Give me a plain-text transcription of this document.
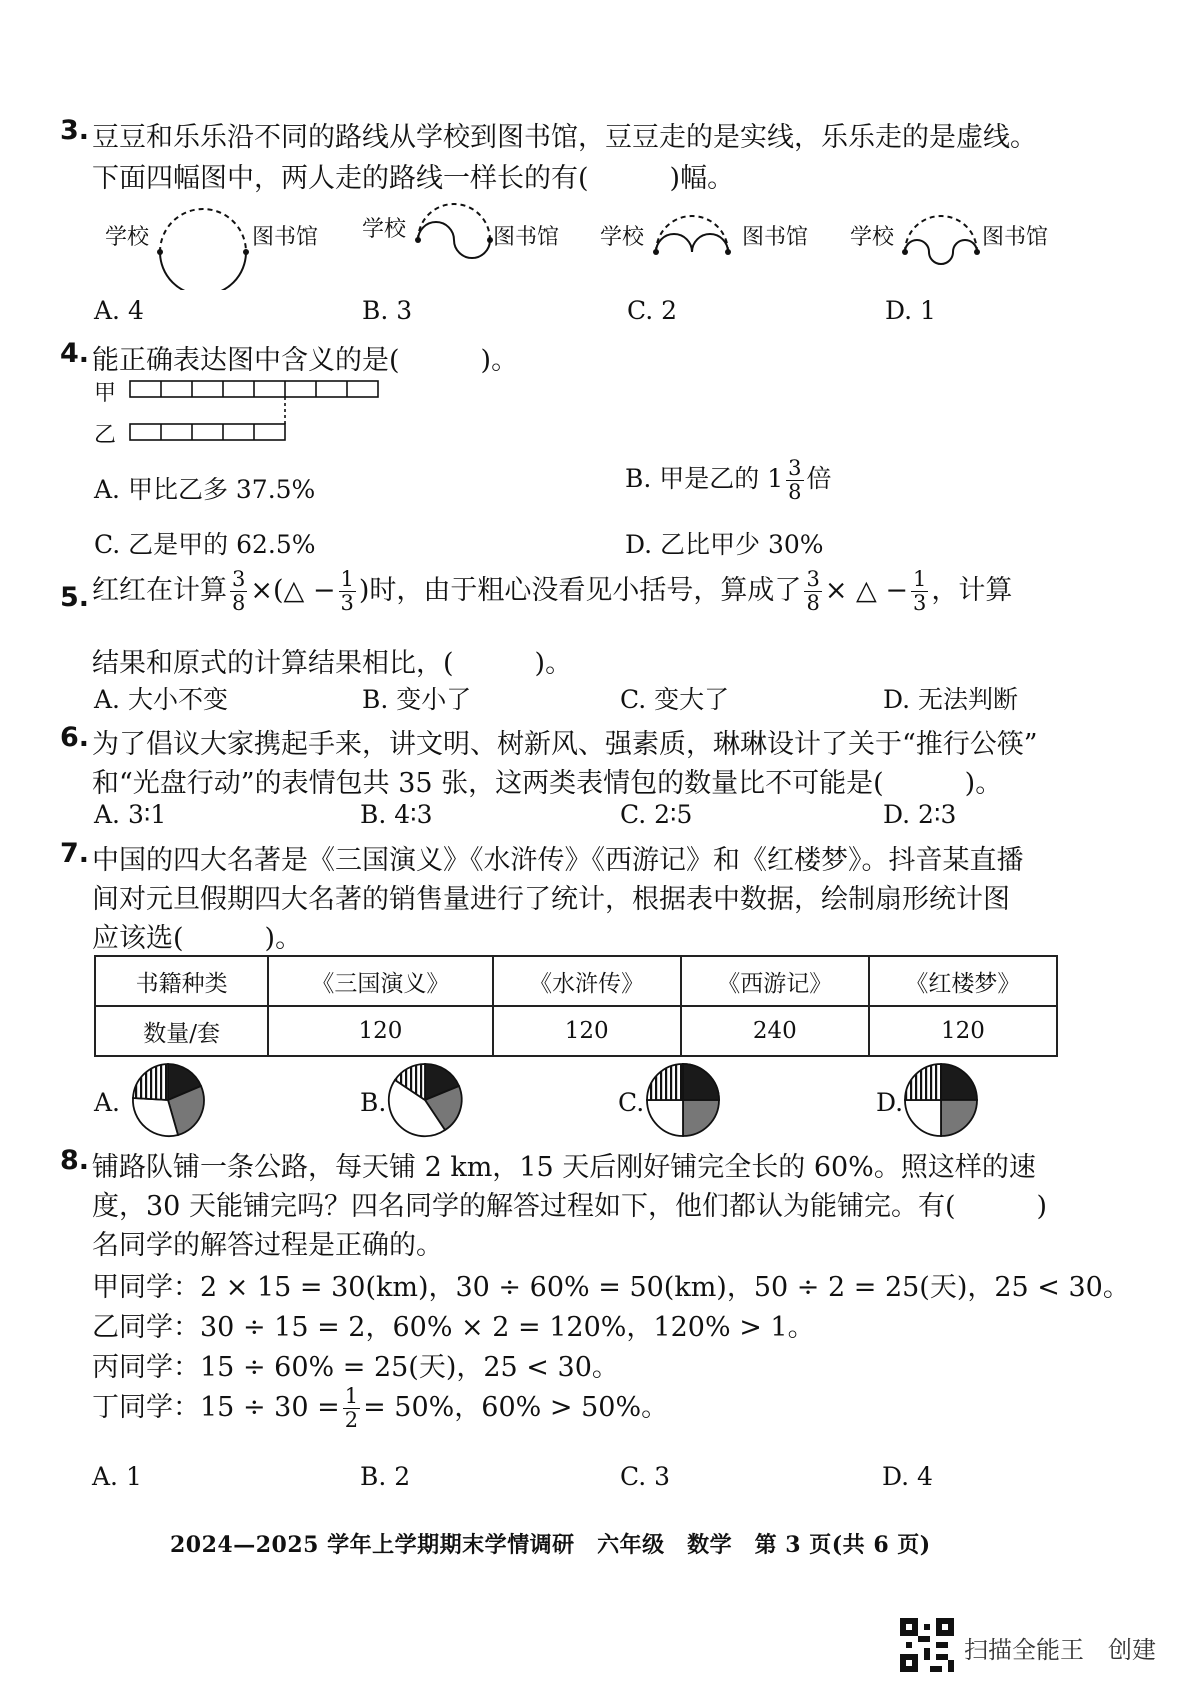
3. 豆豆和乐乐沿不同的路线从学校到图书馆，豆豆走的是实线，乐乐走的是虚线。
下面四幅图中，两人走的路线一样长的有(　　　)幅。
学校	图书馆 学校	图书馆 学校	图书馆 学校	图书馆
A. 4	B. 3	C. 2	D. 1
4. 能正确表达图中含义的是(　　　)。
甲
乙
A. 甲比乙多 37.5%	B. 甲是乙的 $1 \frac{3}{8}$ 倍
C. 乙是甲的 62.5%	D. 乙比甲少 30%
5. 红红在计算 $\frac{3}{8}$ ×(△ − $\frac{1}{3}$ )时，由于粗心没看见小括号，算成了 $\frac{3}{8}$ × △ − $\frac{1}{3}$ ，计算
结果和原式的计算结果相比，(　　　)。
A. 大小不变	B. 变小了	C. 变大了	D. 无法判断
6. 为了倡议大家携起手来，讲文明、树新风、强素质，琳琳设计了关于“推行公筷”
和“光盘行动”的表情包共 35 张，这两类表情包的数量比不可能是(　　　)。
A. 3∶1	B. 4∶3	C. 2∶5	D. 2∶3
7. 中国的四大名著是《三国演义》《水浒传》《西游记》和《红楼梦》。抖音某直播
间对元旦假期四大名著的销售量进行了统计，根据表中数据，绘制扇形统计图
应该选(　　　)。
书籍种类	《三国演义》	《水浒传》	《西游记》	《红楼梦》
数量/套	120	120	240	120
A.	B.	C.	D.
8. 铺路队铺一条公路，每天铺 2 km，15 天后刚好铺完全长的 60%。照这样的速
度，30 天能铺完吗？四名同学的解答过程如下，他们都认为能铺完。有(　　　)
名同学的解答过程是正确的。
甲同学：2 × 15 = 30(km)，30 ÷ 60% = 50(km)，50 ÷ 2 = 25(天)，25 < 30。
乙同学：30 ÷ 15 = 2，60% × 2 = 120%，120% > 1。
丙同学：15 ÷ 60% = 25(天)，25 < 30。
丁同学：$15 \div 30 = \frac{1}{2} = 50\%$，60% > 50%。
A. 1	B. 2	C. 3	D. 4
2024—2025 学年上学期期末学情调研　六年级　数学　第 3 页(共 6 页)
扫描全能王　创建
